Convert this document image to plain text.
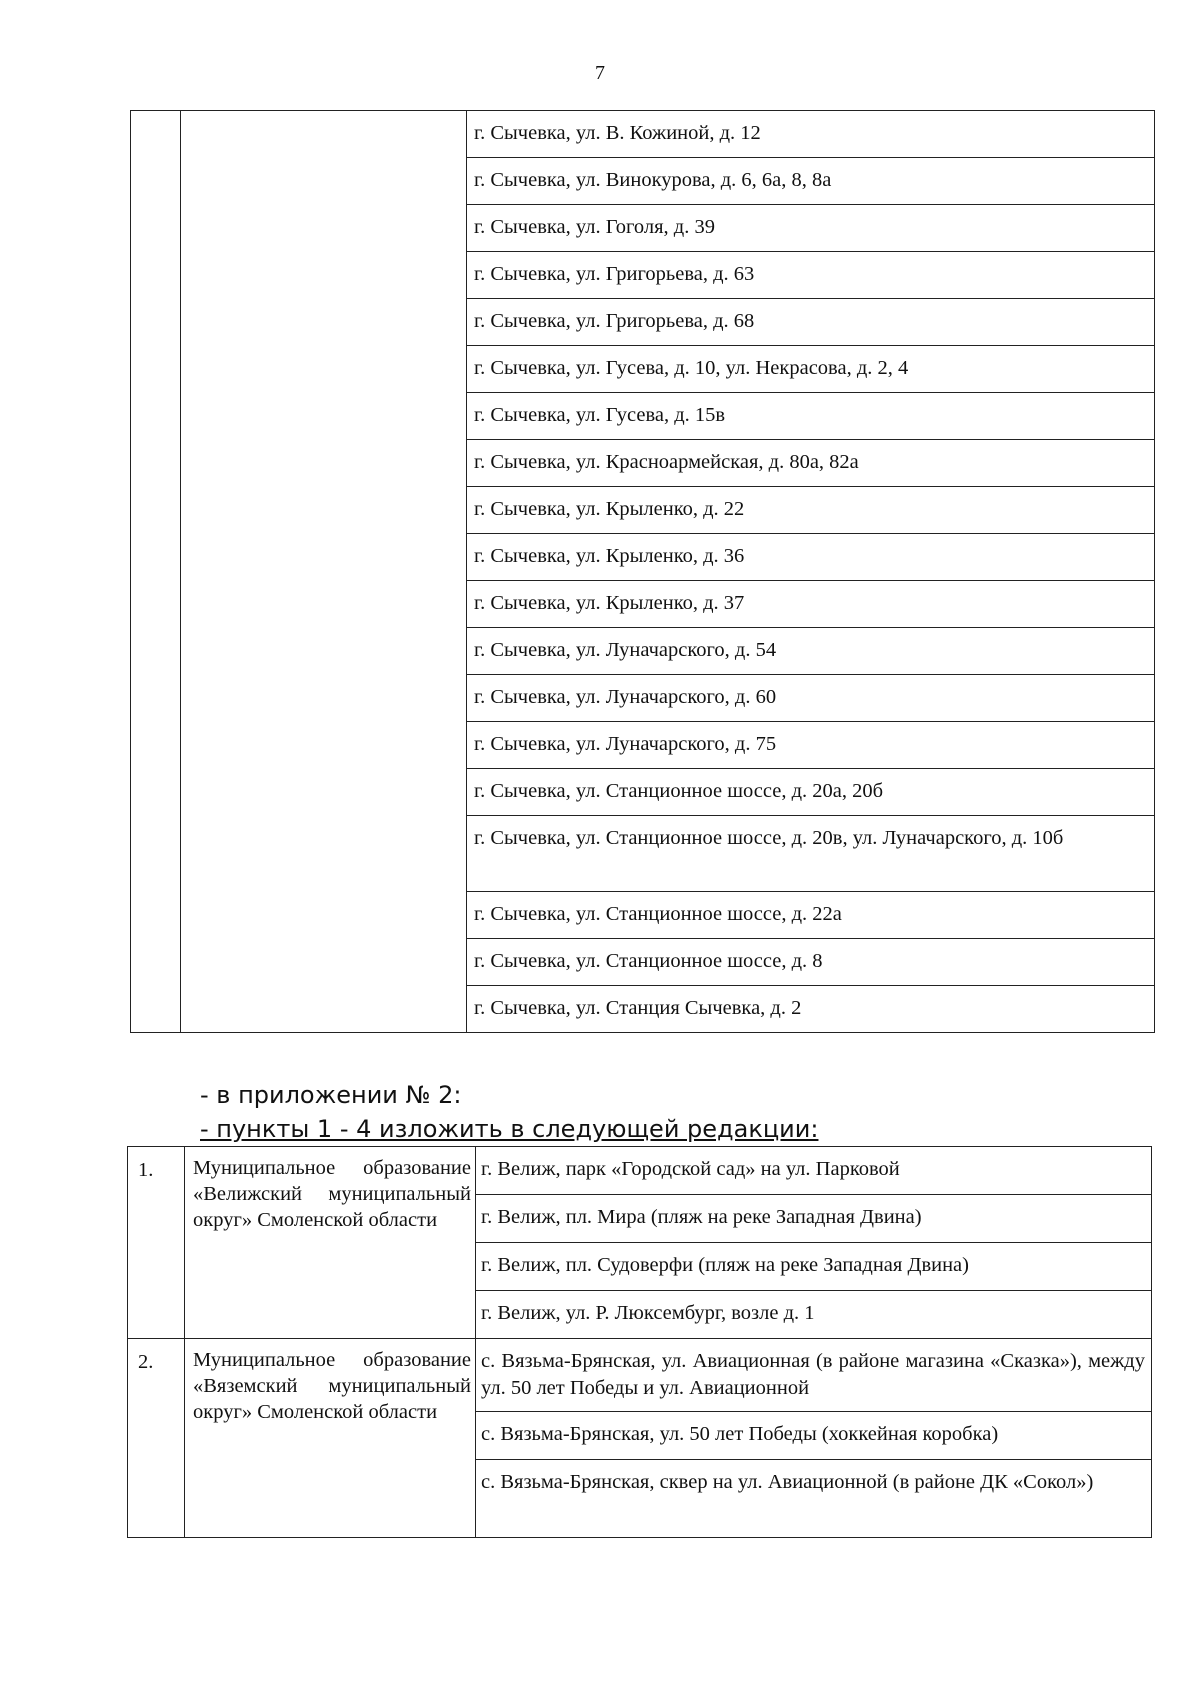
7
		г. Сычевка, ул. В. Кожиной, д. 12
г. Сычевка, ул. Винокурова, д. 6, 6а, 8, 8а
г. Сычевка, ул. Гоголя, д. 39
г. Сычевка, ул. Григорьева, д. 63
г. Сычевка, ул. Григорьева, д. 68
г. Сычевка, ул. Гусева, д. 10, ул. Некрасова, д. 2, 4
г. Сычевка, ул. Гусева, д. 15в
г. Сычевка, ул. Красноармейская, д. 80а, 82а
г. Сычевка, ул. Крыленко, д. 22
г. Сычевка, ул. Крыленко, д. 36
г. Сычевка, ул. Крыленко, д. 37
г. Сычевка, ул. Луначарского, д. 54
г. Сычевка, ул. Луначарского, д. 60
г. Сычевка, ул. Луначарского, д. 75
г. Сычевка, ул. Станционное шоссе, д. 20а, 20б
г. Сычевка, ул. Станционное шоссе, д. 20в, ул. Луначарского, д. 10б
г. Сычевка, ул. Станционное шоссе, д. 22а
г. Сычевка, ул. Станционное шоссе, д. 8
г. Сычевка, ул. Станция Сычевка, д. 2
- в приложении № 2:
- пункты 1 - 4 изложить в следующей редакции:
1.	Муниципальное образование «Велижский муниципальный округ» Смоленской области	г. Велиж, парк «Городской сад» на ул. Парковой
		г. Велиж, пл. Мира (пляж на реке Западная Двина)
		г. Велиж, пл. Судоверфи (пляж на реке Западная Двина)
		г. Велиж, ул. Р. Люксембург, возле д. 1
2.	Муниципальное образование «Вяземский муниципальный округ» Смоленской области	с. Вязьма-Брянская, ул. Авиационная (в районе магазина «Сказка»), между ул. 50 лет Победы и ул. Авиационной
		с. Вязьма-Брянская, ул. 50 лет Победы (хоккейная коробка)
		с. Вязьма-Брянская, сквер на ул. Авиационной (в районе ДК «Сокол»)
